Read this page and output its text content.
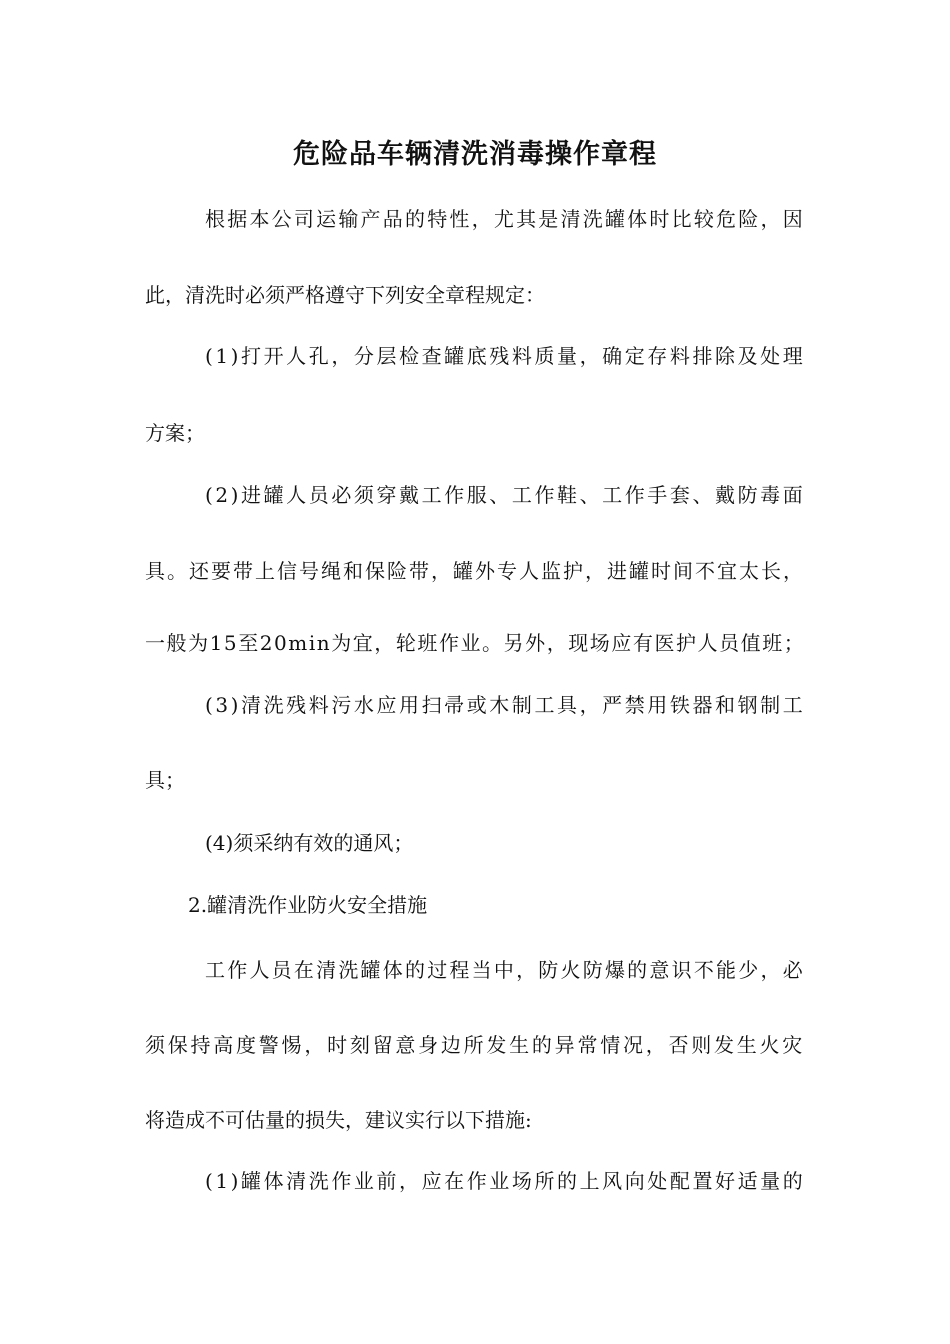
危险品车辆清洗消毒操作章程

根据本公司运输产品的特性，尤其是清洗罐体时比较危险，因

此，清洗时必须严格遵守下列安全章程规定：

(1)打开人孔，分层检查罐底残料质量，确定存料排除及处理

方案；

(2)进罐人员必须穿戴工作服、工作鞋、工作手套、戴防毒面

具。还要带上信号绳和保险带，罐外专人监护，进罐时间不宜太长，

一般为15至20min为宜，轮班作业。另外，现场应有医护人员值班；

(3)清洗残料污水应用扫帚或木制工具，严禁用铁器和钢制工

具；

(4)须采纳有效的通风；

2.罐清洗作业防火安全措施

工作人员在清洗罐体的过程当中，防火防爆的意识不能少，必

须保持高度警惕，时刻留意身边所发生的异常情况，否则发生火灾

将造成不可估量的损失，建议实行以下措施:

(1)罐体清洗作业前，应在作业场所的上风向处配置好适量的
